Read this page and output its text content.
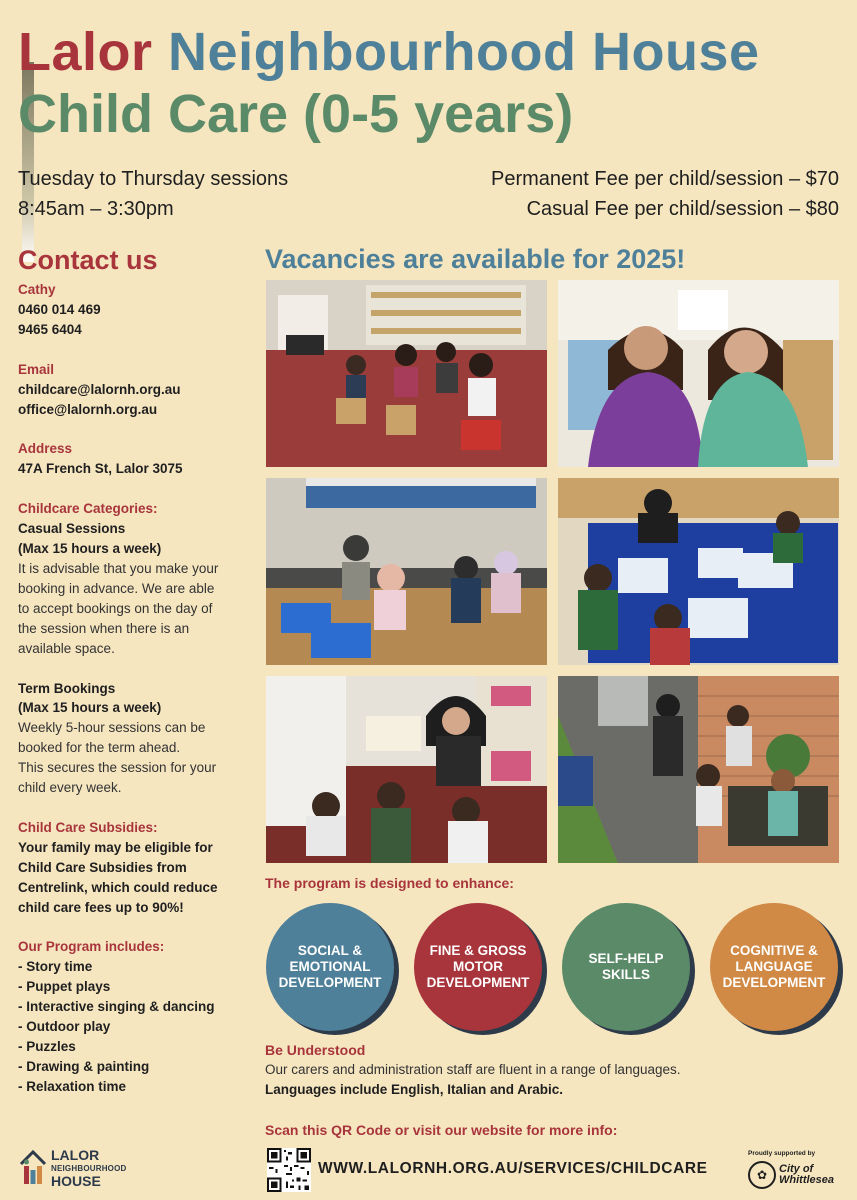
Lalor Neighbourhood House
Child Care (0-5 years)
Tuesday to Thursday sessions
8:45am – 3:30pm
Permanent Fee per child/session – $70
Casual Fee per child/session – $80
Contact us
Cathy
0460 014 469
9465 6404
Email
childcare@lalornh.org.au
office@lalornh.org.au
Address
47A French St, Lalor 3075
Childcare Categories:
Casual Sessions
(Max 15 hours a week)
It is advisable that you make your
booking in advance. We are able
to accept bookings on the day of
the session when there is an
available space.
Term Bookings
(Max 15 hours a week)
Weekly 5-hour sessions can be
booked for the term ahead.
This secures the session for your
child every week.
Child Care Subsidies:
Your family may be eligible for
Child Care Subsidies from
Centrelink, which could reduce
child care fees up to 90%!
Our Program includes:
- Story time
- Puppet plays
- Interactive singing & dancing
- Outdoor play
- Puzzles
- Drawing & painting
- Relaxation time
Vacancies are available for 2025!
The program is designed to enhance:
SOCIAL & EMOTIONAL DEVELOPMENT
FINE & GROSS MOTOR DEVELOPMENT
SELF-HELP SKILLS
COGNITIVE & LANGUAGE DEVELOPMENT
Be Understood
Our carers and administration staff are fluent in a range of languages.
Languages include English, Italian and Arabic.
Scan this QR Code or visit our website for more info:
WWW.LALORNH.ORG.AU/SERVICES/CHILDCARE
LALOR
NEIGHBOURHOOD
HOUSE
Proudly supported by
✿	City of
Whittlesea
